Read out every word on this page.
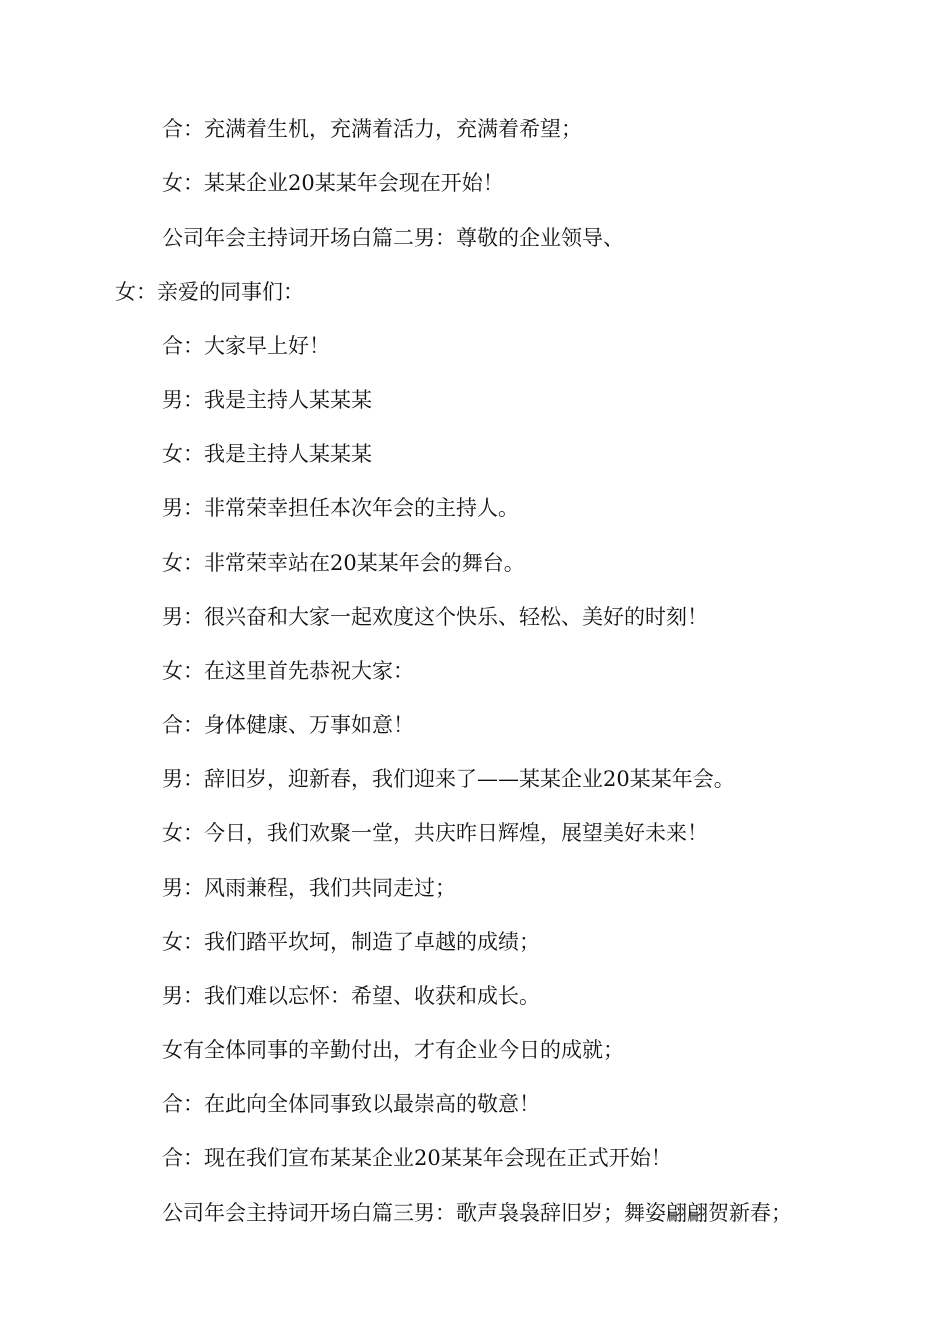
合：充满着生机，充满着活力，充满着希望；
女：某某企业20某某年会现在开始！
公司年会主持词开场白篇二男：尊敬的企业领导、
女：亲爱的同事们：
合：大家早上好！
男：我是主持人某某某
女：我是主持人某某某
男：非常荣幸担任本次年会的主持人。
女：非常荣幸站在20某某年会的舞台。
男：很兴奋和大家一起欢度这个快乐、轻松、美好的时刻！
女：在这里首先恭祝大家：
合：身体健康、万事如意！
男：辞旧岁，迎新春，我们迎来了——某某企业20某某年会。
女：今日，我们欢聚一堂，共庆昨日辉煌，展望美好未来！
男：风雨兼程，我们共同走过；
女：我们踏平坎坷，制造了卓越的成绩；
男：我们难以忘怀：希望、收获和成长。
女有全体同事的辛勤付出，才有企业今日的成就；
合：在此向全体同事致以最崇高的敬意！
合：现在我们宣布某某企业20某某年会现在正式开始！
公司年会主持词开场白篇三男：歌声袅袅辞旧岁；舞姿翩翩贺新春；
